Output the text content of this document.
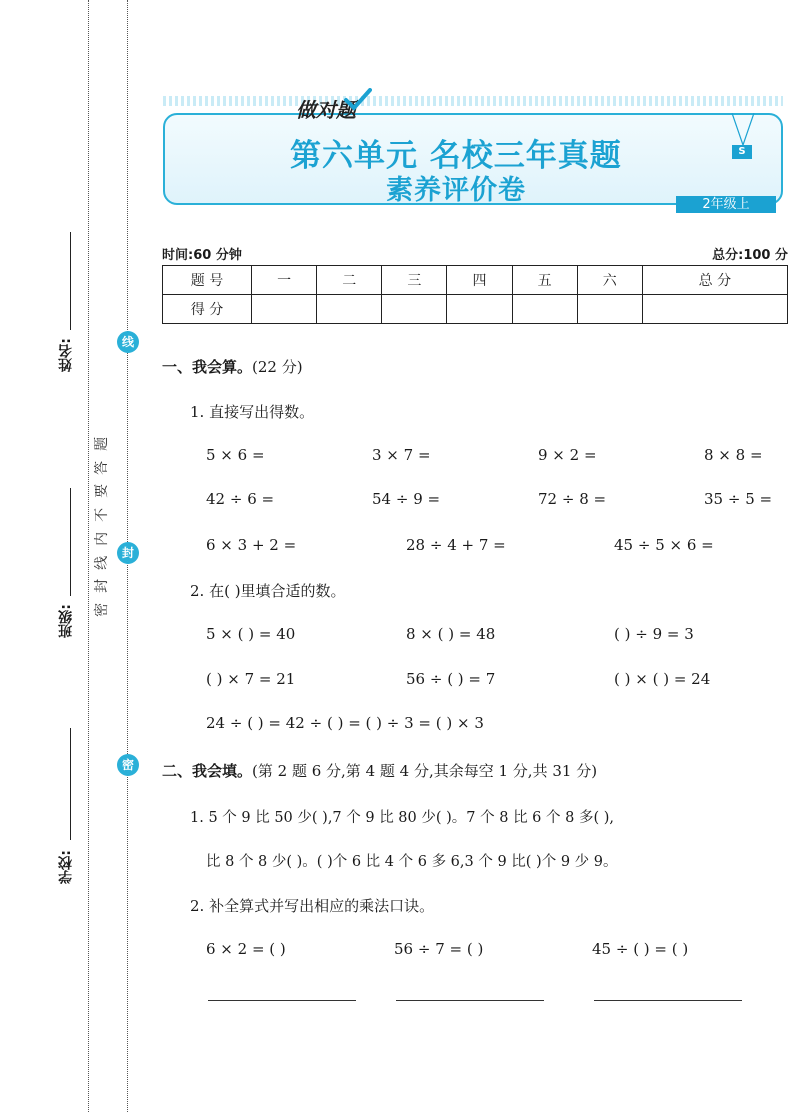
姓名:
班级:
学校:
线
封
密
题
答
要
不
内
线
封
密
做对题
第六单元 名校三年真题
素养评价卷
S
2年级上
时间:60 分钟	总分:100 分
题 号	一	二	三	四	五	六	总 分
得 分							
一、我会算。(22 分)
1. 直接写出得数。
5 × 6 =	3 × 7 =	9 × 2 =	8 × 8 =
42 ÷ 6 =	54 ÷ 9 =	72 ÷ 8 =	35 ÷ 5 =
6 × 3 + 2 =	28 ÷ 4 + 7 =	45 ÷ 5 × 6 =
2. 在( )里填合适的数。
5 × ( ) = 40	8 × ( ) = 48	( ) ÷ 9 = 3
( ) × 7 = 21	56 ÷ ( ) = 7	( ) × ( ) = 24
24 ÷ ( ) = 42 ÷ ( ) = ( ) ÷ 3 = ( ) × 3
二、我会填。(第 2 题 6 分,第 4 题 4 分,其余每空 1 分,共 31 分)
1. 5 个 9 比 50 少( ),7 个 9 比 80 少( )。7 个 8 比 6 个 8 多( ),
比 8 个 8 少( )。( )个 6 比 4 个 6 多 6,3 个 9 比( )个 9 少 9。
2. 补全算式并写出相应的乘法口诀。
6 × 2 = ( )	56 ÷ 7 = ( )	45 ÷ ( ) = ( )
